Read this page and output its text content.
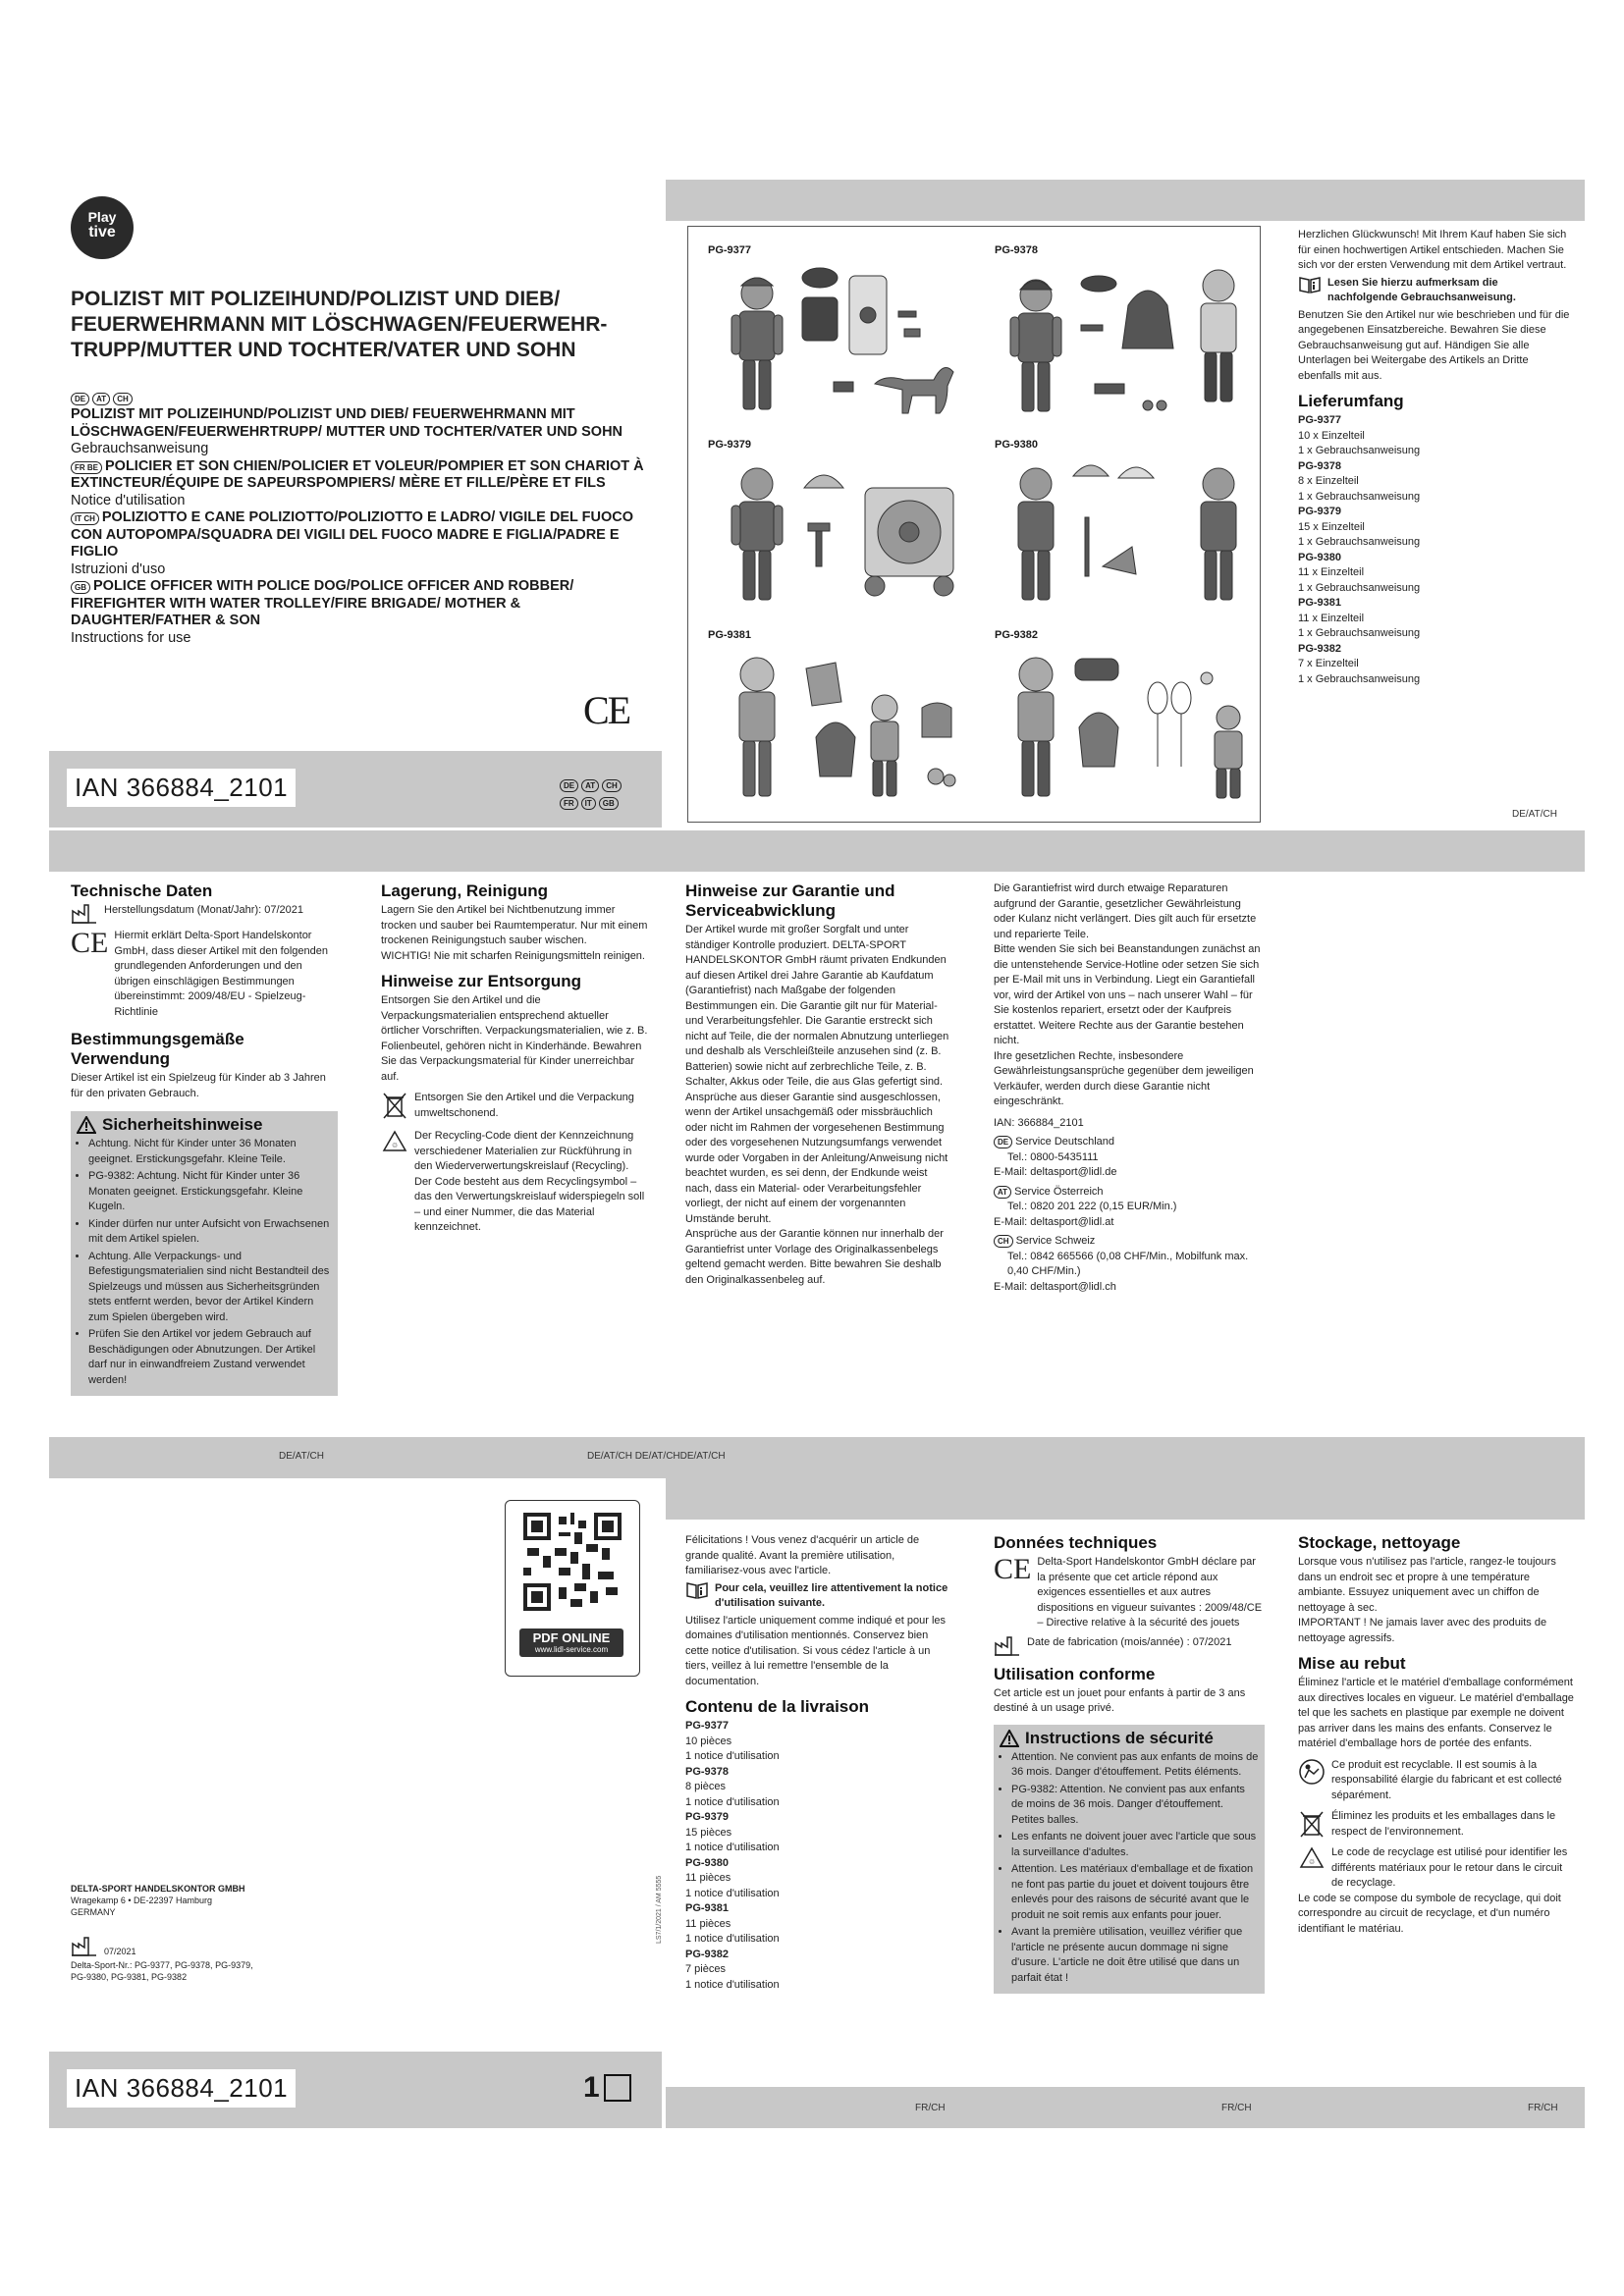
Play
tive
POLIZIST MIT POLIZEIHUND/POLIZIST UND DIEB/ FEUERWEHRMANN MIT LÖSCHWAGEN/FEUERWEHR-TRUPP/MUTTER UND TOCHTER/VATER UND SOHN
DE AT CH
POLIZIST MIT POLIZEIHUND/POLIZIST UND DIEB/ FEUERWEHRMANN MIT LÖSCHWAGEN/FEUERWEHRTRUPP/ MUTTER UND TOCHTER/VATER UND SOHN
Gebrauchsanweisung
FR BE POLICIER ET SON CHIEN/POLICIER ET VOLEUR/POMPIER ET SON CHARIOT À EXTINCTEUR/ÉQUIPE DE SAPEURSPOMPIERS/ MÈRE ET FILLE/PÈRE ET FILS
Notice d'utilisation
IT CH POLIZIOTTO E CANE POLIZIOTTO/POLIZIOTTO E LADRO/ VIGILE DEL FUOCO CON AUTOPOMPA/SQUADRA DEI VIGILI DEL FUOCO MADRE E FIGLIA/PADRE E FIGLIO
Istruzioni d'uso
GB POLICE OFFICER WITH POLICE DOG/POLICE OFFICER AND ROBBER/ FIREFIGHTER WITH WATER TROLLEY/FIRE BRIGADE/ MOTHER & DAUGHTER/FATHER & SON
Instructions for use
CE
IAN 366884_2101	DE AT CH
FR IT GB
PG-9377	PG-9378
PG-9379	PG-9380
PG-9381	PG-9382

Herzlichen Glückwunsch! Mit Ihrem Kauf haben Sie sich für einen hochwertigen Artikel entschieden. Machen Sie sich vor der ersten Verwendung mit dem Artikel vertraut.

Lesen Sie hierzu aufmerksam die nachfolgende Gebrauchsanweisung.

Benutzen Sie den Artikel nur wie beschrieben und für die angegebenen Einsatzbereiche. Bewahren Sie diese Gebrauchsanweisung gut auf. Händigen Sie alle Unterlagen bei Weitergabe des Artikels an Dritte ebenfalls mit aus.

Lieferumfang
PG-9377
10 x Einzelteil
1 x Gebrauchsanweisung
PG-9378
8 x Einzelteil
1 x Gebrauchsanweisung
PG-9379
15 x Einzelteil
1 x Gebrauchsanweisung
PG-9380
11 x Einzelteil
1 x Gebrauchsanweisung
PG-9381
11 x Einzelteil
1 x Gebrauchsanweisung
PG-9382
7 x Einzelteil
1 x Gebrauchsanweisung
DE/AT/CH
Technische Daten
Herstellungsdatum (Monat/Jahr): 07/2021
CE Hiermit erklärt Delta-Sport Handelskontor GmbH, dass dieser Artikel mit den folgenden grundlegenden Anforderungen und den übrigen einschlägigen Bestimmungen übereinstimmt: 2009/48/EU - Spielzeug-Richtlinie
Bestimmungsgemäße Verwendung

Dieser Artikel ist ein Spielzeug für Kinder ab 3 Jahren für den privaten Gebrauch.

Sicherheitshinweise
• Achtung. Nicht für Kinder unter 36 Monaten geeignet. Erstickungsgefahr. Kleine Teile.
• PG-9382: Achtung. Nicht für Kinder unter 36 Monaten geeignet. Erstickungsgefahr. Kleine Kugeln.
• Kinder dürfen nur unter Aufsicht von Erwachsenen mit dem Artikel spielen.
• Achtung. Alle Verpackungs- und Befestigungsmaterialien sind nicht Bestandteil des Spielzeugs und müssen aus Sicherheitsgründen stets entfernt werden, bevor der Artikel Kindern zum Spielen übergeben wird.
• Prüfen Sie den Artikel vor jedem Gebrauch auf Beschädigungen oder Abnutzungen. Der Artikel darf nur in einwandfreiem Zustand verwendet werden!
Lagerung, Reinigung

Lagern Sie den Artikel bei Nichtbenutzung immer trocken und sauber bei Raumtemperatur. Nur mit einem trockenen Reinigungstuch sauber wischen.

WICHTIG! Nie mit scharfen Reinigungsmitteln reinigen.

Hinweise zur Entsorgung

Entsorgen Sie den Artikel und die Verpackungsmaterialien entsprechend aktueller örtlicher Vorschriften. Verpackungsmaterialien, wie z. B. Folienbeutel, gehören nicht in Kinderhände. Bewahren Sie das Verpackungsmaterial für Kinder unerreichbar auf.

Entsorgen Sie den Artikel und die Verpackung umweltschonend.
♲
Der Recycling-Code dient der Kennzeichnung verschiedener Materialien zur Rückführung in den Wiederverwertungskreislauf (Recycling). Der Code besteht aus dem Recyclingsymbol – das den Verwertungskreislauf widerspiegeln soll – und einer Nummer, die das Material kennzeichnet.
Hinweise zur Garantie und Serviceabwicklung

Der Artikel wurde mit großer Sorgfalt und unter ständiger Kontrolle produziert. DELTA-SPORT HANDELSKONTOR GmbH räumt privaten Endkunden auf diesen Artikel drei Jahre Garantie ab Kaufdatum (Garantiefrist) nach Maßgabe der folgenden Bestimmungen ein. Die Garantie gilt nur für Material- und Verarbeitungsfehler. Die Garantie erstreckt sich nicht auf Teile, die der normalen Abnutzung unterliegen und deshalb als Verschleißteile anzusehen sind (z. B. Batterien) sowie nicht auf zerbrechliche Teile, z. B. Schalter, Akkus oder Teile, die aus Glas gefertigt sind.

Ansprüche aus dieser Garantie sind ausgeschlossen, wenn der Artikel unsachgemäß oder missbräuchlich oder nicht im Rahmen der vorgesehenen Bestimmung oder des vorgesehenen Nutzungsumfangs verwendet wurde oder Vorgaben in der Anleitung/Anweisung nicht beachtet wurden, es sei denn, der Endkunde weist nach, dass ein Material- oder Verarbeitungsfehler vorliegt, der nicht auf einem der vorgenannten Umstände beruht.

Ansprüche aus der Garantie können nur innerhalb der Garantiefrist unter Vorlage des Originalkassenbelegs geltend gemacht werden. Bitte bewahren Sie deshalb den Originalkassenbeleg auf.

Die Garantiefrist wird durch etwaige Reparaturen aufgrund der Garantie, gesetzlicher Gewährleistung oder Kulanz nicht verlängert. Dies gilt auch für ersetzte und reparierte Teile.

Bitte wenden Sie sich bei Beanstandungen zunächst an die untenstehende Service-Hotline oder setzen Sie sich per E-Mail mit uns in Verbindung. Liegt ein Garantiefall vor, wird der Artikel von uns – nach unserer Wahl – für Sie kostenlos repariert, ersetzt oder der Kaufpreis erstattet. Weitere Rechte aus der Garantie bestehen nicht.

Ihre gesetzlichen Rechte, insbesondere Gewährleistungsansprüche gegenüber dem jeweiligen Verkäufer, werden durch diese Garantie nicht eingeschränkt.

IAN: 366884_2101

DE Service Deutschland
Tel.: 0800-5435111
E-Mail: deltasport@lidl.de
AT Service Österreich
Tel.: 0820 201 222 (0,15 EUR/Min.)
E-Mail: deltasport@lidl.at
CH Service Schweiz
Tel.: 0842 665566 (0,08 CHF/Min., Mobilfunk max. 0,40 CHF/Min.)
E-Mail: deltasport@lidl.ch
DE/AT/CH	DE/AT/CH DE/AT/CHDE/AT/CH
PDF ONLINE
www.lidl-service.com
DELTA-SPORT HANDELSKONTOR GMBH
Wragekamp 6 • DE-22397 Hamburg
GERMANY
07/2021
Delta-Sport-Nr.: PG-9377, PG-9378, PG-9379, PG-9380, PG-9381, PG-9382
LS7/1/2021 / AM 5555
IAN 366884_2101	1

Félicitations ! Vous venez d'acquérir un article de grande qualité. Avant la première utilisation, familiarisez-vous avec l'article.

Pour cela, veuillez lire attentivement la notice d'utilisation suivante.

Utilisez l'article uniquement comme indiqué et pour les domaines d'utilisation mentionnés. Conservez bien cette notice d'utilisation. Si vous cédez l'article à un tiers, veillez à lui remettre l'ensemble de la documentation.

Contenu de la livraison
PG-9377
10 pièces
1 notice d'utilisation
PG-9378
8 pièces
1 notice d'utilisation
PG-9379
15 pièces
1 notice d'utilisation
PG-9380
11 pièces
1 notice d'utilisation
PG-9381
11 pièces
1 notice d'utilisation
PG-9382
7 pièces
1 notice d'utilisation
Données techniques
CE Delta-Sport Handelskontor GmbH déclare par la présente que cet article répond aux exigences essentielles et aux autres dispositions en vigueur suivantes : 2009/48/CE – Directive relative à la sécurité des jouets
Date de fabrication (mois/année) : 07/2021
Utilisation conforme

Cet article est un jouet pour enfants à partir de 3 ans destiné à un usage privé.

Instructions de sécurité
• Attention. Ne convient pas aux enfants de moins de 36 mois. Danger d'étouffement. Petits éléments.
• PG-9382: Attention. Ne convient pas aux enfants de moins de 36 mois. Danger d'étouffement. Petites balles.
• Les enfants ne doivent jouer avec l'article que sous la surveillance d'adultes.
• Attention. Les matériaux d'emballage et de fixation ne font pas partie du jouet et doivent toujours être enlevés pour des raisons de sécurité avant que le produit ne soit remis aux enfants pour jouer.
• Avant la première utilisation, veuillez vérifier que l'article ne présente aucun dommage ni signe d'usure. L'article ne doit être utilisé que dans un parfait état !
Stockage, nettoyage

Lorsque vous n'utilisez pas l'article, rangez-le toujours dans un endroit sec et propre à une température ambiante. Essuyez uniquement avec un chiffon de nettoyage à sec.

IMPORTANT ! Ne jamais laver avec des produits de nettoyage agressifs.

Mise au rebut

Éliminez l'article et le matériel d'emballage conformément aux directives locales en vigueur. Le matériel d'emballage tel que les sachets en plastique par exemple ne doivent pas arriver dans les mains des enfants. Conservez le matériel d'emballage hors de portée des enfants.

Ce produit est recyclable. Il est soumis à la responsabilité élargie du fabricant et est collecté séparément.
Éliminez les produits et les emballages dans le respect de l'environnement.
♲
Le code de recyclage est utilisé pour identifier les différents matériaux pour le retour dans le circuit de recyclage.

Le code se compose du symbole de recyclage, qui doit correspondre au circuit de recyclage, et d'un numéro identifiant le matériau.

FR/CH	FR/CH	FR/CH
